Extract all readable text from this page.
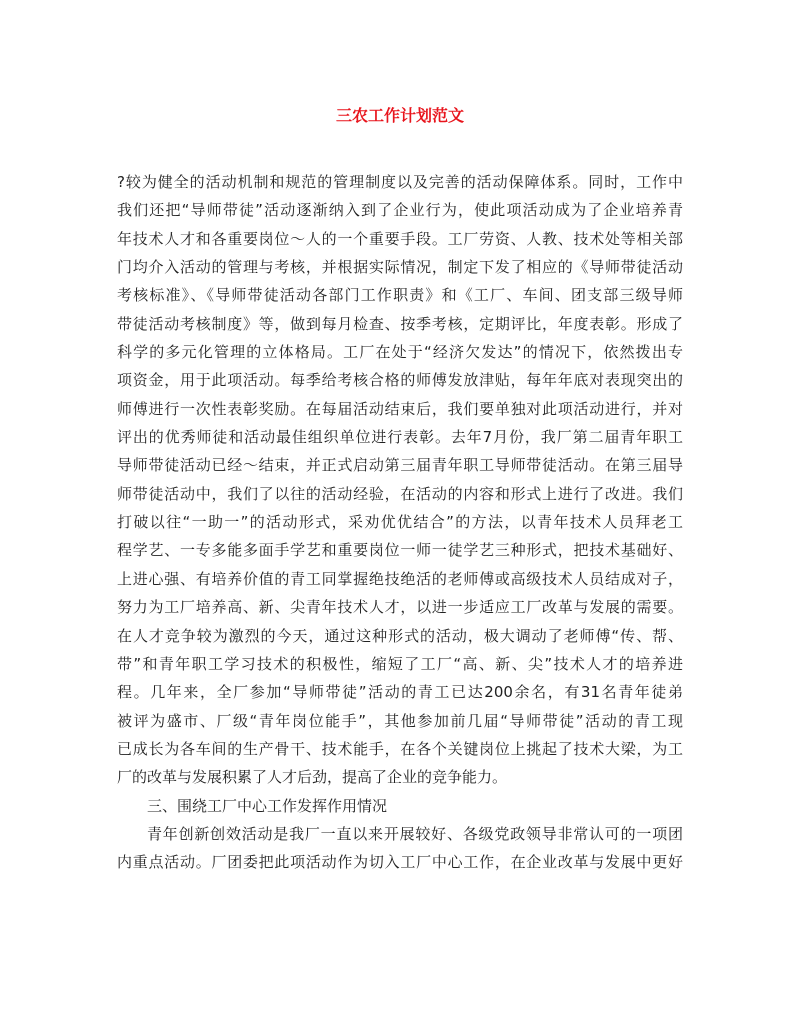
三农工作计划范文
?较为健全的活动机制和规范的管理制度以及完善的活动保障体系。同时，工作中
我们还把“导师带徒”活动逐渐纳入到了企业行为，使此项活动成为了企业培养青
年技术人才和各重要岗位～人的一个重要手段。工厂劳资、人教、技术处等相关部
门均介入活动的管理与考核，并根据实际情况，制定下发了相应的《导师带徒活动
考核标准》、《导师带徒活动各部门工作职责》和《工厂、车间、团支部三级导师
带徒活动考核制度》等，做到每月检查、按季考核，定期评比，年度表彰。形成了
科学的多元化管理的立体格局。工厂在处于“经济欠发达”的情况下，依然拨出专
项资金，用于此项活动。每季给考核合格的师傅发放津贴，每年年底对表现突出的
师傅进行一次性表彰奖励。在每届活动结束后，我们要单独对此项活动进行，并对
评出的优秀师徒和活动最佳组织单位进行表彰。去年7月份，我厂第二届青年职工
导师带徒活动已经～结束，并正式启动第三届青年职工导师带徒活动。在第三届导
师带徒活动中，我们了以往的活动经验，在活动的内容和形式上进行了改进。我们
打破以往“一助一”的活动形式，采劝优优结合”的方法，以青年技术人员拜老工
程学艺、一专多能多面手学艺和重要岗位一师一徒学艺三种形式，把技术基础好、
上进心强、有培养价值的青工同掌握绝技绝活的老师傅或高级技术人员结成对子，
努力为工厂培养高、新、尖青年技术人才，以进一步适应工厂改革与发展的需要。
在人才竞争较为激烈的今天，通过这种形式的活动，极大调动了老师傅“传、帮、
带”和青年职工学习技术的积极性，缩短了工厂“高、新、尖”技术人才的培养进
程。几年来，全厂参加“导师带徒”活动的青工已达200余名，有31名青年徒弟
被评为盛市、厂级“青年岗位能手”，其他参加前几届“导师带徒”活动的青工现
已成长为各车间的生产骨干、技术能手，在各个关键岗位上挑起了技术大梁，为工
厂的改革与发展积累了人才后劲，提高了企业的竞争能力。
三、围绕工厂中心工作发挥作用情况
青年创新创效活动是我厂一直以来开展较好、各级党政领导非常认可的一项团
内重点活动。厂团委把此项活动作为切入工厂中心工作，在企业改革与发展中更好
